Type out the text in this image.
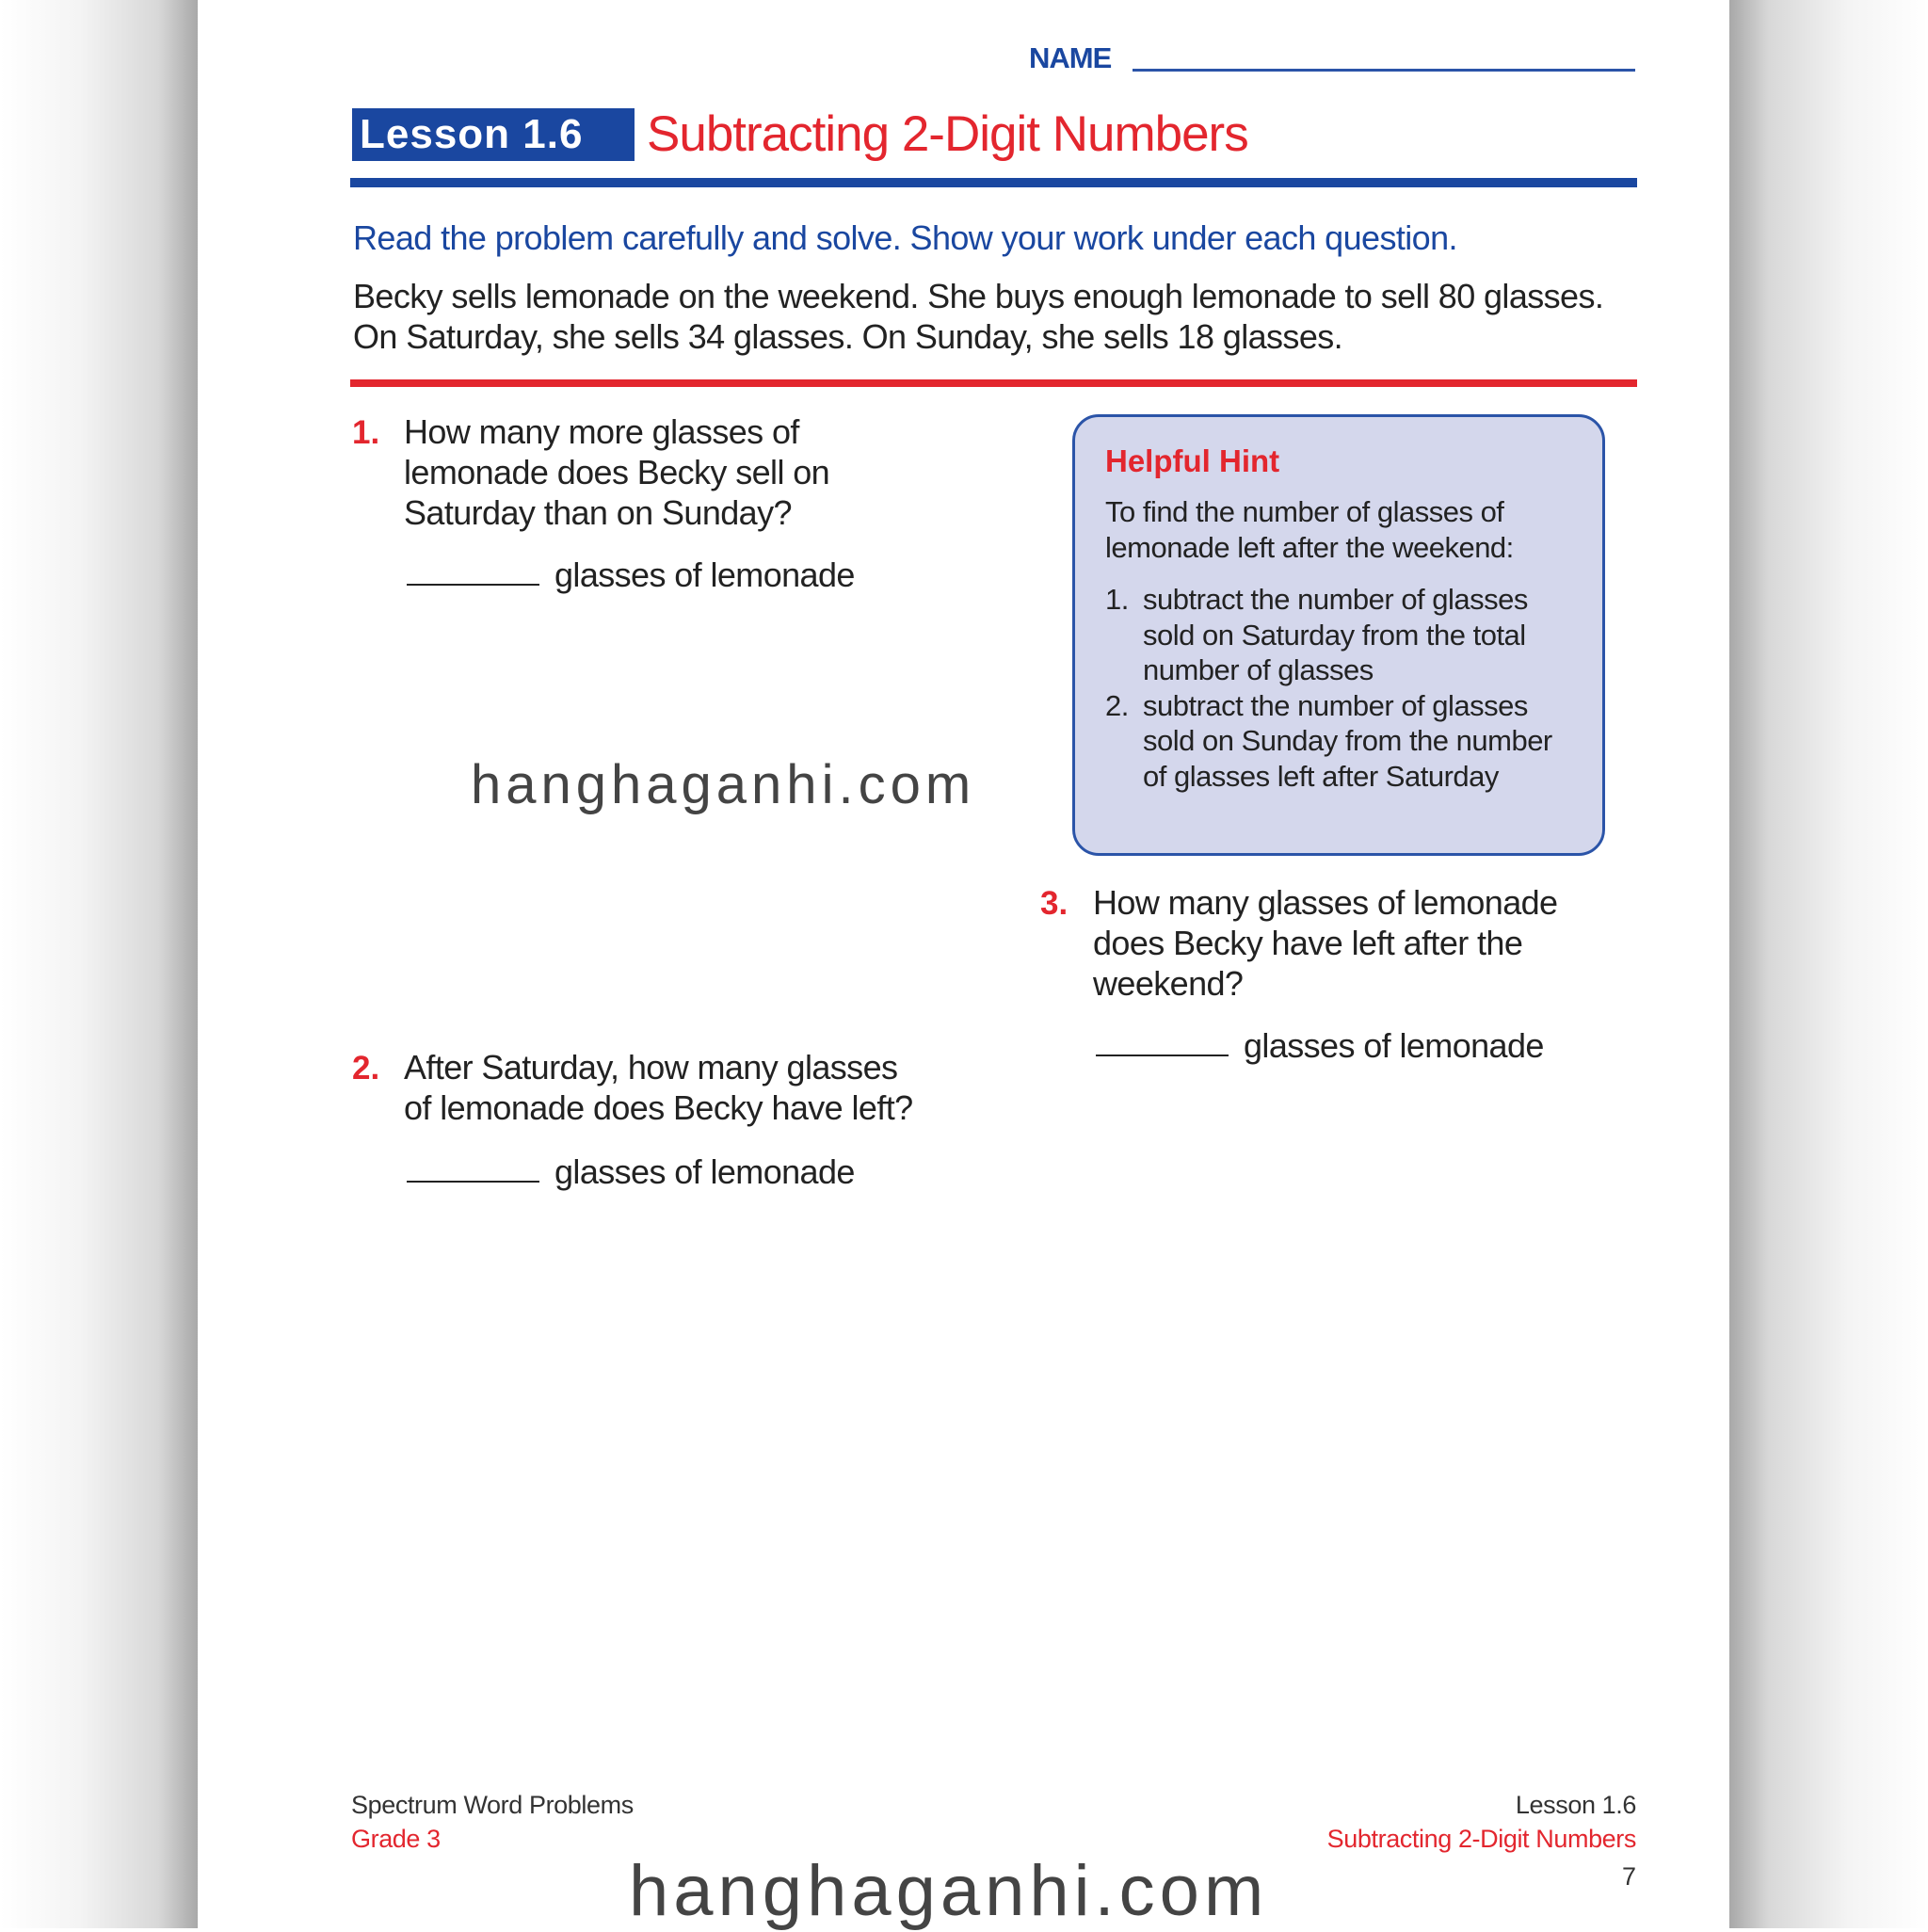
NAME
Lesson 1.6	Subtracting 2-Digit Numbers
Read the problem carefully and solve. Show your work under each question.
Becky sells lemonade on the weekend. She buys enough lemonade to sell 80 glasses.
On Saturday, she sells 34 glasses. On Sunday, she sells 18 glasses.
1. How many more glasses of
lemonade does Becky sell on
Saturday than on Sunday?
glasses of lemonade
2. After Saturday, how many glasses
of lemonade does Becky have left?
glasses of lemonade
Helpful Hint
To find the number of glasses of
lemonade left after the weekend:
1. subtract the number of glasses
sold on Saturday from the total
number of glasses
2. subtract the number of glasses
sold on Sunday from the number
of glasses left after Saturday
3. How many glasses of lemonade
does Becky have left after the
weekend?
glasses of lemonade
hanghaganhi.com
Spectrum Word Problems
Grade 3
Lesson 1.6
Subtracting 2-Digit Numbers
7
hanghaganhi.com
